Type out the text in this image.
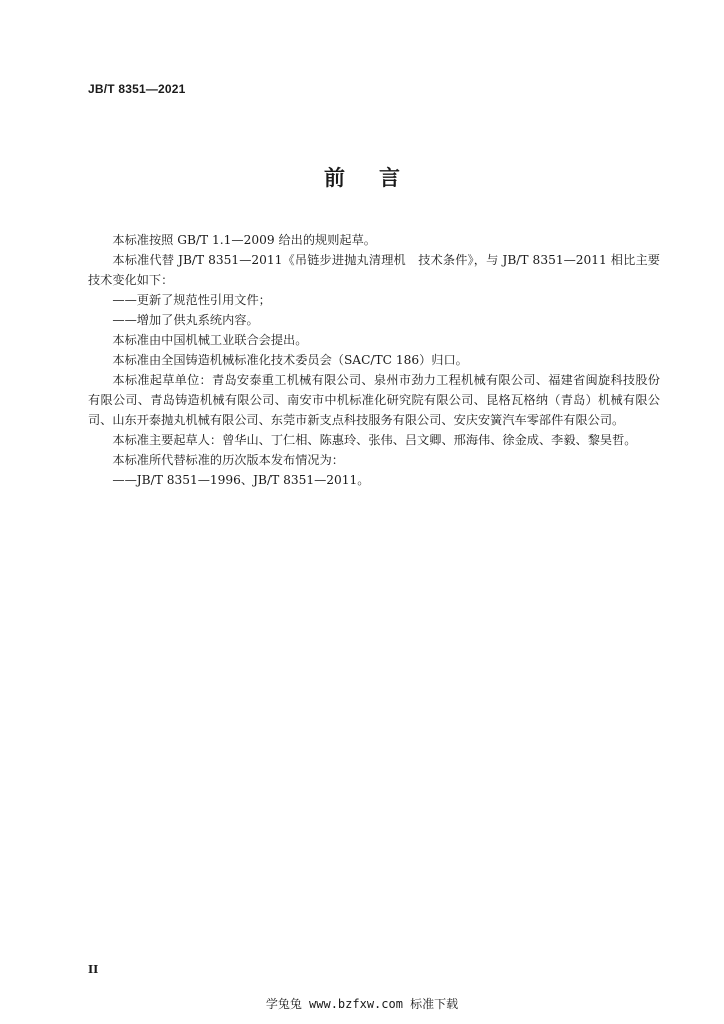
JB/T 8351—2021
前言

本标准按照 GB/T 1.1—2009 给出的规则起草。

本标准代替 JB/T 8351—2011《吊链步进抛丸清理机　技术条件》，与 JB/T 8351—2011 相比主要技术变化如下：

——更新了规范性引用文件；

——增加了供丸系统内容。

本标准由中国机械工业联合会提出。

本标准由全国铸造机械标准化技术委员会（SAC/TC 186）归口。

本标准起草单位：青岛安泰重工机械有限公司、泉州市劲力工程机械有限公司、福建省闽旋科技股份有限公司、青岛铸造机械有限公司、南安市中机标准化研究院有限公司、昆格瓦格纳（青岛）机械有限公司、山东开泰抛丸机械有限公司、东莞市新支点科技服务有限公司、安庆安簧汽车零部件有限公司。

本标准主要起草人：曾华山、丁仁相、陈惠玲、张伟、吕文卿、邢海伟、徐金成、李毅、黎昊哲。

本标准所代替标准的历次版本发布情况为：

——JB/T 8351—1996、JB/T 8351—2011。

II
学兔兔 www.bzfxw.com 标准下载
